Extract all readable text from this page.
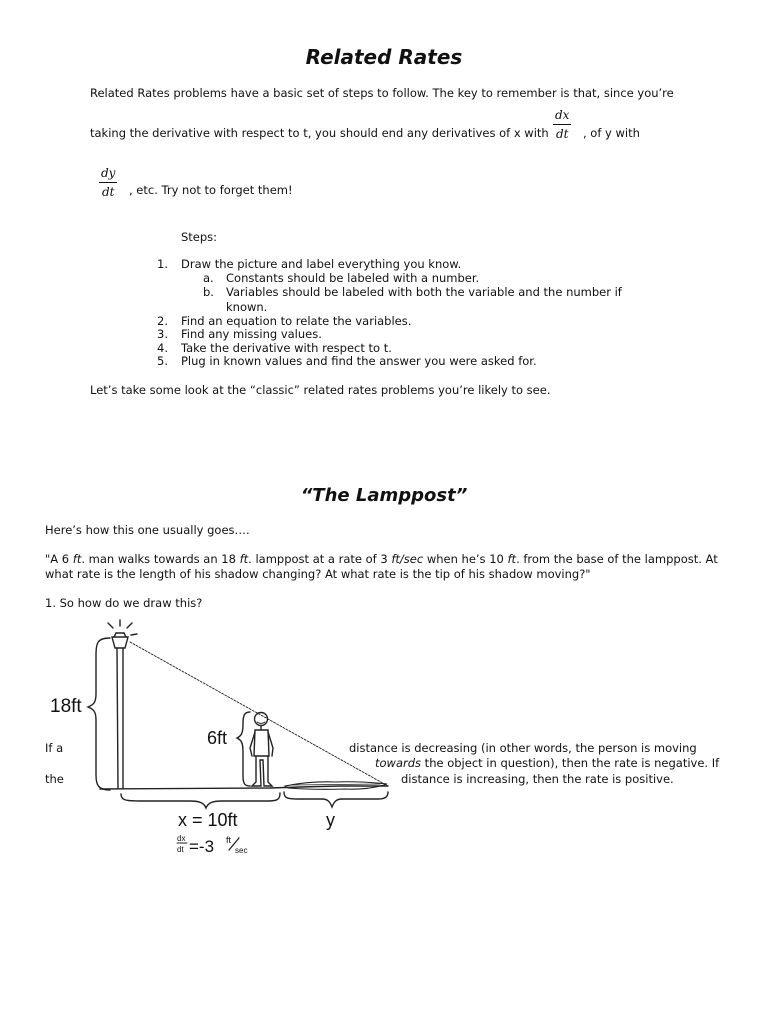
Related Rates
Related Rates problems have a basic set of steps to follow. The key to remember is that, since you’re
taking the derivative with respect to t, you should end any derivatives of x with $\frac{dx}{dt}$ , of y with
$\frac{dy}{dt}$ , etc. Try not to forget them!
Steps:
1. Draw the picture and label everything you know.
a. Constants should be labeled with a number.
b. Variables should be labeled with both the variable and the number if
known.
2. Find an equation to relate the variables.
3. Find any missing values.
4. Take the derivative with respect to t.
5. Plug in known values and find the answer you were asked for.
Let’s take some look at the “classic” related rates problems you’re likely to see.
“The Lamppost”
Here’s how this one usually goes….
"A 6 ft. man walks towards an 18 ft. lamppost at a rate of 3 ft/sec when he’s 10 ft. from the base of the lamppost. At
what rate is the length of his shadow changing? At what rate is the tip of his shadow moving?"
1. So how do we draw this?
If a	distance is decreasing (in other words, the person is moving
towards the object in question), then the rate is negative. If
the	distance is increasing, then the rate is positive.
18ft
6ft
x = 10ft	y
dx
dt =-3 ft
sec
